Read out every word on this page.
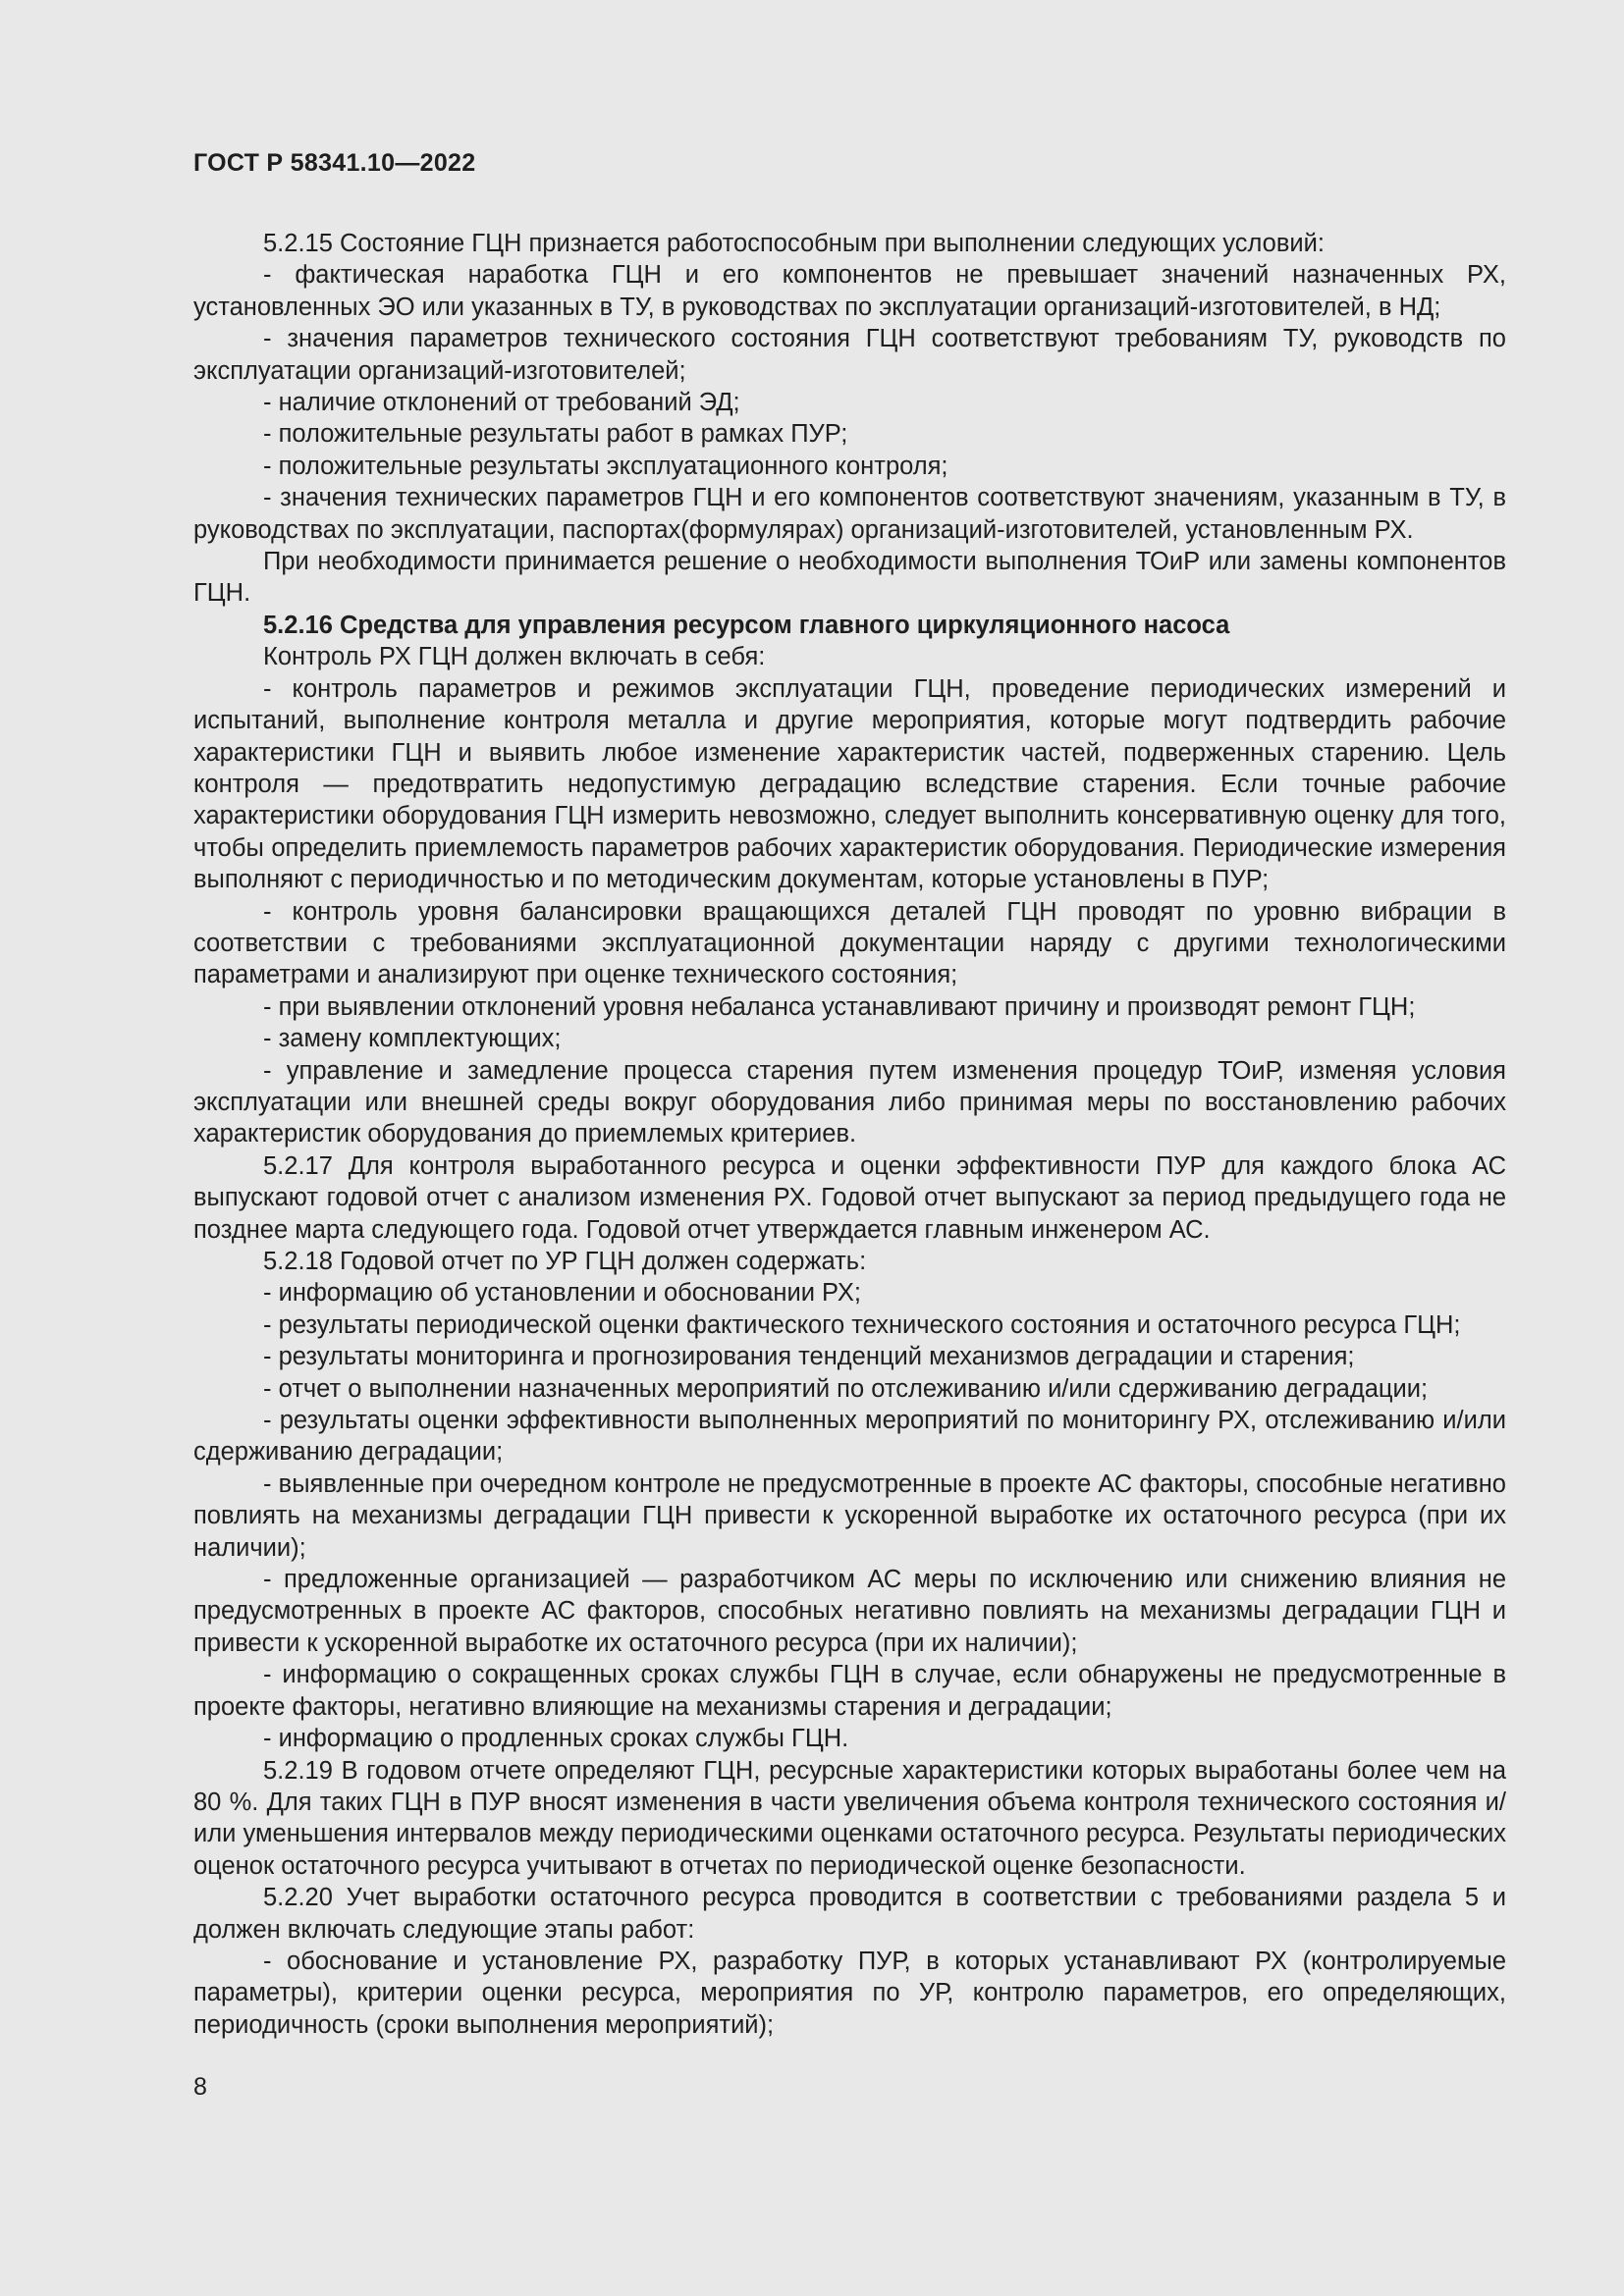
ГОСТ Р 58341.10—2022

5.2.15 Состояние ГЦН признается работоспособным при выполнении следующих условий:

- фактическая наработка ГЦН и его компонентов не превышает значений назначенных РХ, установленных ЭО или указанных в ТУ, в руководствах по эксплуатации организаций-изготовителей, в НД;

- значения параметров технического состояния ГЦН соответствуют требованиям ТУ, руководств по эксплуатации организаций-изготовителей;

- наличие отклонений от требований ЭД;

- положительные результаты работ в рамках ПУР;

- положительные результаты эксплуатационного контроля;

- значения технических параметров ГЦН и его компонентов соответствуют значениям, указанным в ТУ, в руководствах по эксплуатации, паспортах(формулярах) организаций-изготовителей, установленным РХ.

При необходимости принимается решение о необходимости выполнения ТОиР или замены компонентов ГЦН.

5.2.16 Средства для управления ресурсом главного циркуляционного насоса

Контроль РХ ГЦН должен включать в себя:

- контроль параметров и режимов эксплуатации ГЦН, проведение периодических измерений и испытаний, выполнение контроля металла и другие мероприятия, которые могут подтвердить рабочие характеристики ГЦН и выявить любое изменение характеристик частей, подверженных старению. Цель контроля — предотвратить недопустимую деградацию вследствие старения. Если точные рабочие характеристики оборудования ГЦН измерить невозможно, следует выполнить консервативную оценку для того, чтобы определить приемлемость параметров рабочих характеристик оборудования. Периодические измерения выполняют с периодичностью и по методическим документам, которые установлены в ПУР;

- контроль уровня балансировки вращающихся деталей ГЦН проводят по уровню вибрации в соответствии с требованиями эксплуатационной документации наряду с другими технологическими параметрами и анализируют при оценке технического состояния;

- при выявлении отклонений уровня небаланса устанавливают причину и производят ремонт ГЦН;

- замену комплектующих;

- управление и замедление процесса старения путем изменения процедур ТОиР, изменяя условия эксплуатации или внешней среды вокруг оборудования либо принимая меры по восстановлению рабочих характеристик оборудования до приемлемых критериев.

5.2.17 Для контроля выработанного ресурса и оценки эффективности ПУР для каждого блока АС выпускают годовой отчет с анализом изменения РХ. Годовой отчет выпускают за период предыдущего года не позднее марта следующего года. Годовой отчет утверждается главным инженером АС.

5.2.18 Годовой отчет по УР ГЦН должен содержать:

- информацию об установлении и обосновании РХ;

- результаты периодической оценки фактического технического состояния и остаточного ресурса ГЦН;

- результаты мониторинга и прогнозирования тенденций механизмов деградации и старения;

- отчет о выполнении назначенных мероприятий по отслеживанию и/или сдерживанию деградации;

- результаты оценки эффективности выполненных мероприятий по мониторингу РХ, отслеживанию и/или сдерживанию деградации;

- выявленные при очередном контроле не предусмотренные в проекте АС факторы, способные негативно повлиять на механизмы деградации ГЦН привести к ускоренной выработке их остаточного ресурса (при их наличии);

- предложенные организацией — разработчиком АС меры по исключению или снижению влияния не предусмотренных в проекте АС факторов, способных негативно повлиять на механизмы деградации ГЦН и привести к ускоренной выработке их остаточного ресурса (при их наличии);

- информацию о сокращенных сроках службы ГЦН в случае, если обнаружены не предусмотренные в проекте факторы, негативно влияющие на механизмы старения и деградации;

- информацию о продленных сроках службы ГЦН.

5.2.19 В годовом отчете определяют ГЦН, ресурсные характеристики которых выработаны более чем на 80 %. Для таких ГЦН в ПУР вносят изменения в части увеличения объема контроля технического состояния и/или уменьшения интервалов между периодическими оценками остаточного ресурса. Результаты периодических оценок остаточного ресурса учитывают в отчетах по периодической оценке безопасности.

5.2.20 Учет выработки остаточного ресурса проводится в соответствии с требованиями раздела 5 и должен включать следующие этапы работ:

- обоснование и установление РХ, разработку ПУР, в которых устанавливают РХ (контролируемые параметры), критерии оценки ресурса, мероприятия по УР, контролю параметров, его определяющих, периодичность (сроки выполнения мероприятий);

8
